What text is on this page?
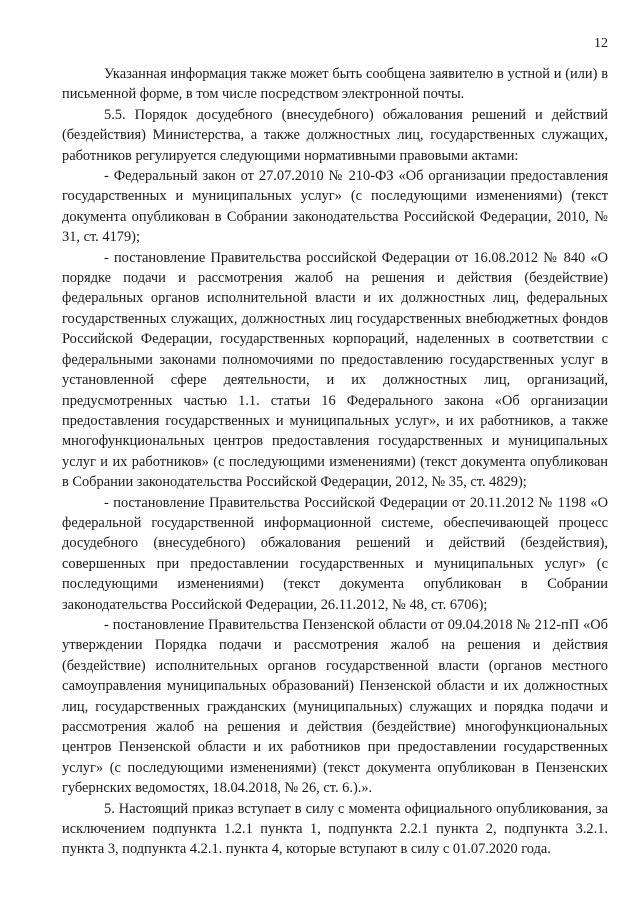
12

Указанная информация также может быть сообщена заявителю в устной и (или) в письменной форме, в том числе посредством электронной почты.

5.5. Порядок досудебного (внесудебного) обжалования решений и действий (бездействия) Министерства, а также должностных лиц, государственных служащих, работников регулируется следующими нормативными правовыми актами:

- Федеральный закон от 27.07.2010 № 210-ФЗ «Об организации предоставления государственных и муниципальных услуг» (с последующими изменениями) (текст документа опубликован в Собрании законодательства Российской Федерации, 2010, № 31, ст. 4179);

- постановление Правительства российской Федерации от 16.08.2012 № 840 «О порядке подачи и рассмотрения жалоб на решения и действия (бездействие) федеральных органов исполнительной власти и их должностных лиц, федеральных государственных служащих, должностных лиц государственных внебюджетных фондов Российской Федерации, государственных корпораций, наделенных в соответствии с федеральными законами полномочиями по предоставлению государственных услуг в установленной сфере деятельности, и их должностных лиц, организаций, предусмотренных частью 1.1. статьи 16 Федерального закона «Об организации предоставления государственных и муниципальных услуг», и их работников, а также многофункциональных центров предоставления государственных и муниципальных услуг и их работников» (с последующими изменениями) (текст документа опубликован в Собрании законодательства Российской Федерации, 2012, № 35, ст. 4829);

- постановление Правительства Российской Федерации от 20.11.2012 № 1198 «О федеральной государственной информационной системе, обеспечивающей процесс досудебного (внесудебного) обжалования решений и действий (бездействия), совершенных при предоставлении государственных и муниципальных услуг» (с последующими изменениями) (текст документа опубликован в Собрании законодательства Российской Федерации, 26.11.2012, № 48, ст. 6706);

- постановление Правительства Пензенской области от 09.04.2018 № 212-пП «Об утверждении Порядка подачи и рассмотрения жалоб на решения и действия (бездействие) исполнительных органов государственной власти (органов местного самоуправления муниципальных образований) Пензенской области и их должностных лиц, государственных гражданских (муниципальных) служащих и порядка подачи и рассмотрения жалоб на решения и действия (бездействие) многофункциональных центров Пензенской области и их работников при предоставлении государственных услуг» (с последующими изменениями) (текст документа опубликован в Пензенских губернских ведомостях, 18.04.2018, № 26, ст. 6.).».

5. Настоящий приказ вступает в силу с момента официального опубликования, за исключением подпункта 1.2.1 пункта 1, подпункта 2.2.1 пункта 2, подпункта 3.2.1. пункта 3, подпункта 4.2.1. пункта 4, которые вступают в силу с 01.07.2020 года.
